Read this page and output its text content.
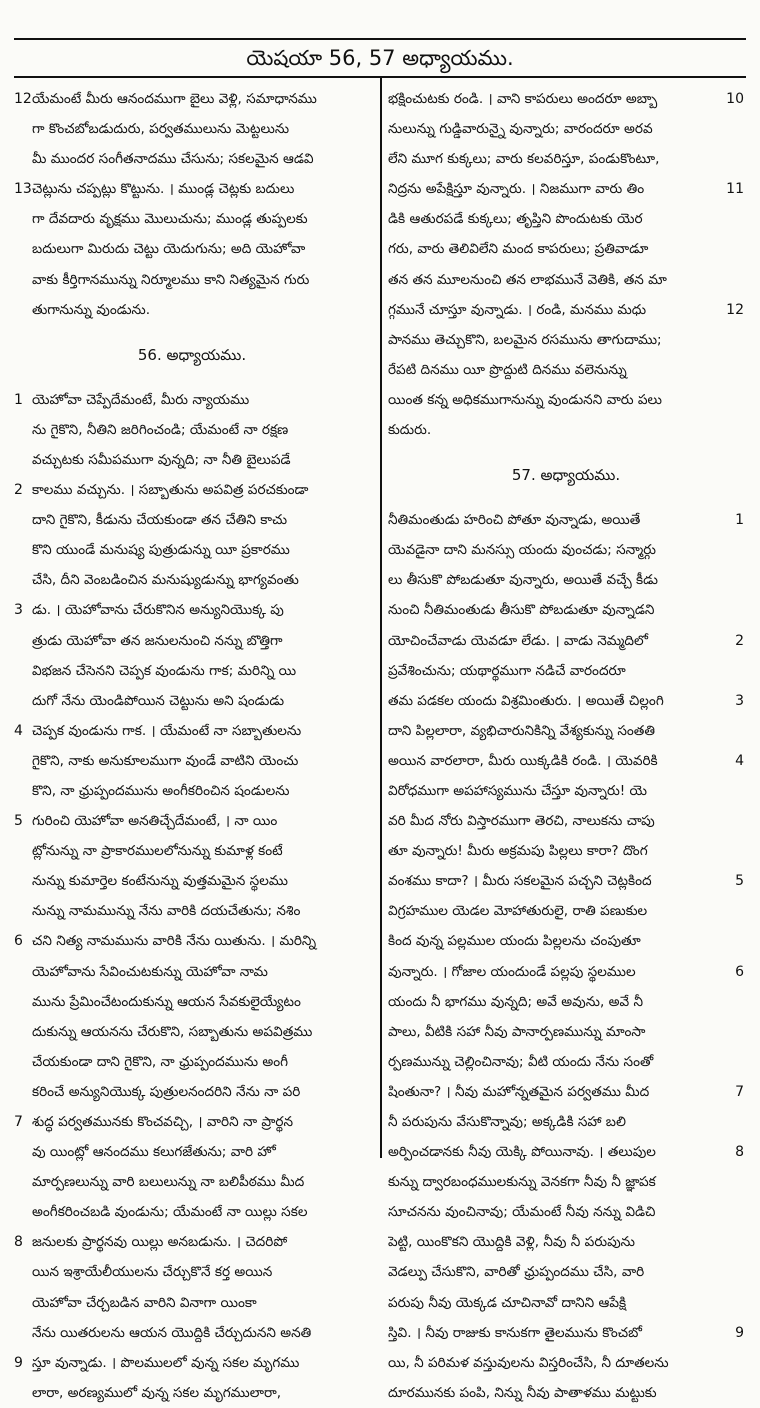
యెషయా 56, 57 అధ్యాయము.
12యేమంటే మీరు ఆనందముగా బైలు వెళ్లి, సమాధానము
గా కొంచబోబడుదురు, పర్వతములును మెట్టలును
మీ ముందర సంగీతనాదము చేసును; సకలమైన ఆడవి
13చెట్లును చప్పట్లు కొట్టును. । ముండ్ల చెట్లకు బదులు
గా దేవదారు వృక్షము మొలుచును; ముండ్ల తుప్పలకు
బదులుగా మిరుదు చెట్టు యెదుగును; అది యెహోవా
వాకు కీర్తిగానమున్ను నిర్మూలము కాని నిత్యమైన గురు
తుగానున్ను వుండును.
56. అధ్యాయము.
1 యెహోవా చెప్పేదేమంటే, మీరు న్యాయము
ను గైకొని, నీతిని జరిగించండి; యేమంటే నా రక్షణ
వచ్చుటకు సమీపముగా వున్నది; నా నీతి బైలుపడే
2 కాలము వచ్చును. । సబ్బాతును అపవిత్ర పరచకుండా
దాని గైకొని, కీడును చేయకుండా తన చేతిని కాచు
కొని యుండే మనుష్య పుత్రుడున్ను యీ ప్రకారము
చేసి, దీని వెంబడించిన మనుష్యుడున్ను భాగ్యవంతు
3 డు. । యెహోవాను చేరుకొనిన అన్యునియొక్క పు
త్రుడు యెహోవా తన జనులనుంచి నన్ను బొత్తిగా
విభజన చేసెనని చెప్పక వుండును గాక; మరిన్ని యి
దుగో నేను యెండిపోయిన చెట్టును అని షండుడు
4 చెప్పక వుండును గాక. । యేమంటే నా సబ్బాతులను
గైకొని, నాకు అనుకూలముగా వుండే వాటిని యెంచు
కొని, నా ఛ్రుప్పందమును అంగీకరించిన షండులను
5 గురించి యెహోవా అనతిచ్చేదేమంటే, । నా యిం
ట్లోనున్ను నా ప్రాకారములలోనున్ను కుమాళ్ల కంటే
నున్ను కుమార్తెల కంటేనున్ను వుత్తమమైన స్థలము
నున్ను నామమున్ను నేను వారికి దయచేతును; నశిం
6 చని నిత్య నామమును వారికి నేను యితును. । మరిన్ని
యెహోవాను సేవించుటకున్ను యెహోవా నామ
మును ప్రేమించేటందుకున్ను ఆయన సేవకులైయ్యేటం
దుకున్ను ఆయనను చేరుకొని, సబ్బాతును అపవిత్రము
చేయకుండా దాని గైకొని, నా ఛ్రుప్పందమును అంగీ
కరించే అన్యునియొక్క పుత్రులనందరిని నేను నా పరి
7 శుద్ధ పర్వతమునకు కొంచవచ్చి, । వారిని నా ప్రార్థన
వు యింట్లో ఆనందము కలుగజేతును; వారి హో
మార్పణలున్ను వారి బలులున్ను నా బలిపీఠము మీద
అంగీకరించబడి వుండును; యేమంటే నా యిల్లు సకల
8 జనులకు ప్రార్థనవు యిల్లు అనబడును. । చెదరిపో
యిన ఇశ్రాయేలీయులను చేర్చుకొనే కర్త అయిన
యెహోవా చేర్చబడిన వారిని వినాగా యింకా
నేను యితరులను ఆయన యొద్దికి చేర్చుదునని అనతి
9 స్తూ వున్నాడు. । పొలములలో వున్న సకల మృగము
లారా, అరణ్యములో వున్న సకల మృగములారా,
భక్షించుటకు రండి. । వాని కాపరులు అందరూ అబ్బా	10
నులున్ను గుడ్డివారున్నై వున్నారు; వారందరూ అరవ
లేని మూగ కుక్కలు; వారు కలవరిస్తూ, పండుకొంటూ,
నిద్రను అపేక్షిస్తూ వున్నారు. । నిజముగా వారు తిం	11
డికి ఆతురపడే కుక్కలు; తృప్తిని పొందుటకు యెర
గరు, వారు తెలివిలేని మంద కాపరులు; ప్రతివాడూ
తన తన మూలనుంచి తన లాభమునే వెతికి, తన మా
గ్గమునే చూస్తూ వున్నాడు. । రండి, మనము మధు	12
పానము తెచ్చుకొని, బలమైన రసమును తాగుదాము;
రేపటి దినము యీ ప్రొద్దుటి దినము వలెనున్ను
యింత కన్న అధికముగానున్ను వుండునని వారు పలు
కుదురు.
57. అధ్యాయము.
నీతిమంతుడు హరించి పోతూ వున్నాడు, అయితే	1
యెవడైనా దాని మనస్సు యందు వుంచడు; సన్మార్గు
లు తీసుకొ పోబడుతూ వున్నారు, అయితే వచ్చే కీడు
నుంచి నీతిమంతుడు తీసుకొ పోబడుతూ వున్నాడని
యోచించేవాడు యెవడూ లేడు. । వాడు నెమ్మదిలో	2
ప్రవేశించును; యథార్థముగా నడిచే వారందరూ
తమ పడకల యందు విశ్రమింతురు. । అయితే చిల్లంగి	3
దాని పిల్లలారా, వ్యభిచారునికిన్ని వేశ్యకున్ను సంతతి
అయిన వారలారా, మీరు యిక్కడికి రండి. । యెవరికి	4
విరోధముగా అపహాస్యమును చేస్తూ వున్నారు! యె
వరి మీద నోరు విస్తారముగా తెరచి, నాలుకను చాపు
తూ వున్నారు! మీరు అక్రమపు పిల్లలు కారా? దొంగ
వంశము కాదా? । మీరు సకలమైన పచ్చని చెట్లకింద	5
విగ్రహముల యెడల మోహాతురులై, రాతి పణుకుల
కింద వున్న పల్లముల యందు పిల్లలను చంపుతూ
వున్నారు. । గోజాల యందుండే పల్లపు స్థలముల	6
యందు నీ భాగము వున్నది; అవే అవును, అవే నీ
పాలు, వీటికి సహా నీవు పానార్పణమున్ను మాంసా
ర్పణమున్ను చెల్లించినావు; వీటి యందు నేను సంతో
షింతునా? । నీవు మహోన్నతమైన పర్వతము మీద	7
నీ పరుపును వేసుకొన్నావు; అక్కడికి సహా బలి
అర్పించడానకు నీవు యెక్కి పోయినావు. । తలుపుల	8
కున్ను ద్వారబంధములకున్ను వెనకగా నీవు నీ జ్ఞాపక
సూచనను వుంచినావు; యేమంటే నీవు నన్ను విడిచి
పెట్టి, యింకొకని యొద్దికి వెళ్లి, నీవు నీ పరుపును
వెడల్పు చేసుకొని, వారితో ఛ్రుప్పందము చేసి, వారి
పరుపు నీవు యెక్కడ చూచినావో దానిని ఆపేక్షి
స్తివి. । నీవు రాజుకు కానుకగా తైలమును కొంచబో	9
యి, నీ పరిమళ వస్తువులను విస్తరించేసి, నీ దూతలను
దూరమునకు పంపి, నిన్ను నీవు పాతాళము మట్టుకు
